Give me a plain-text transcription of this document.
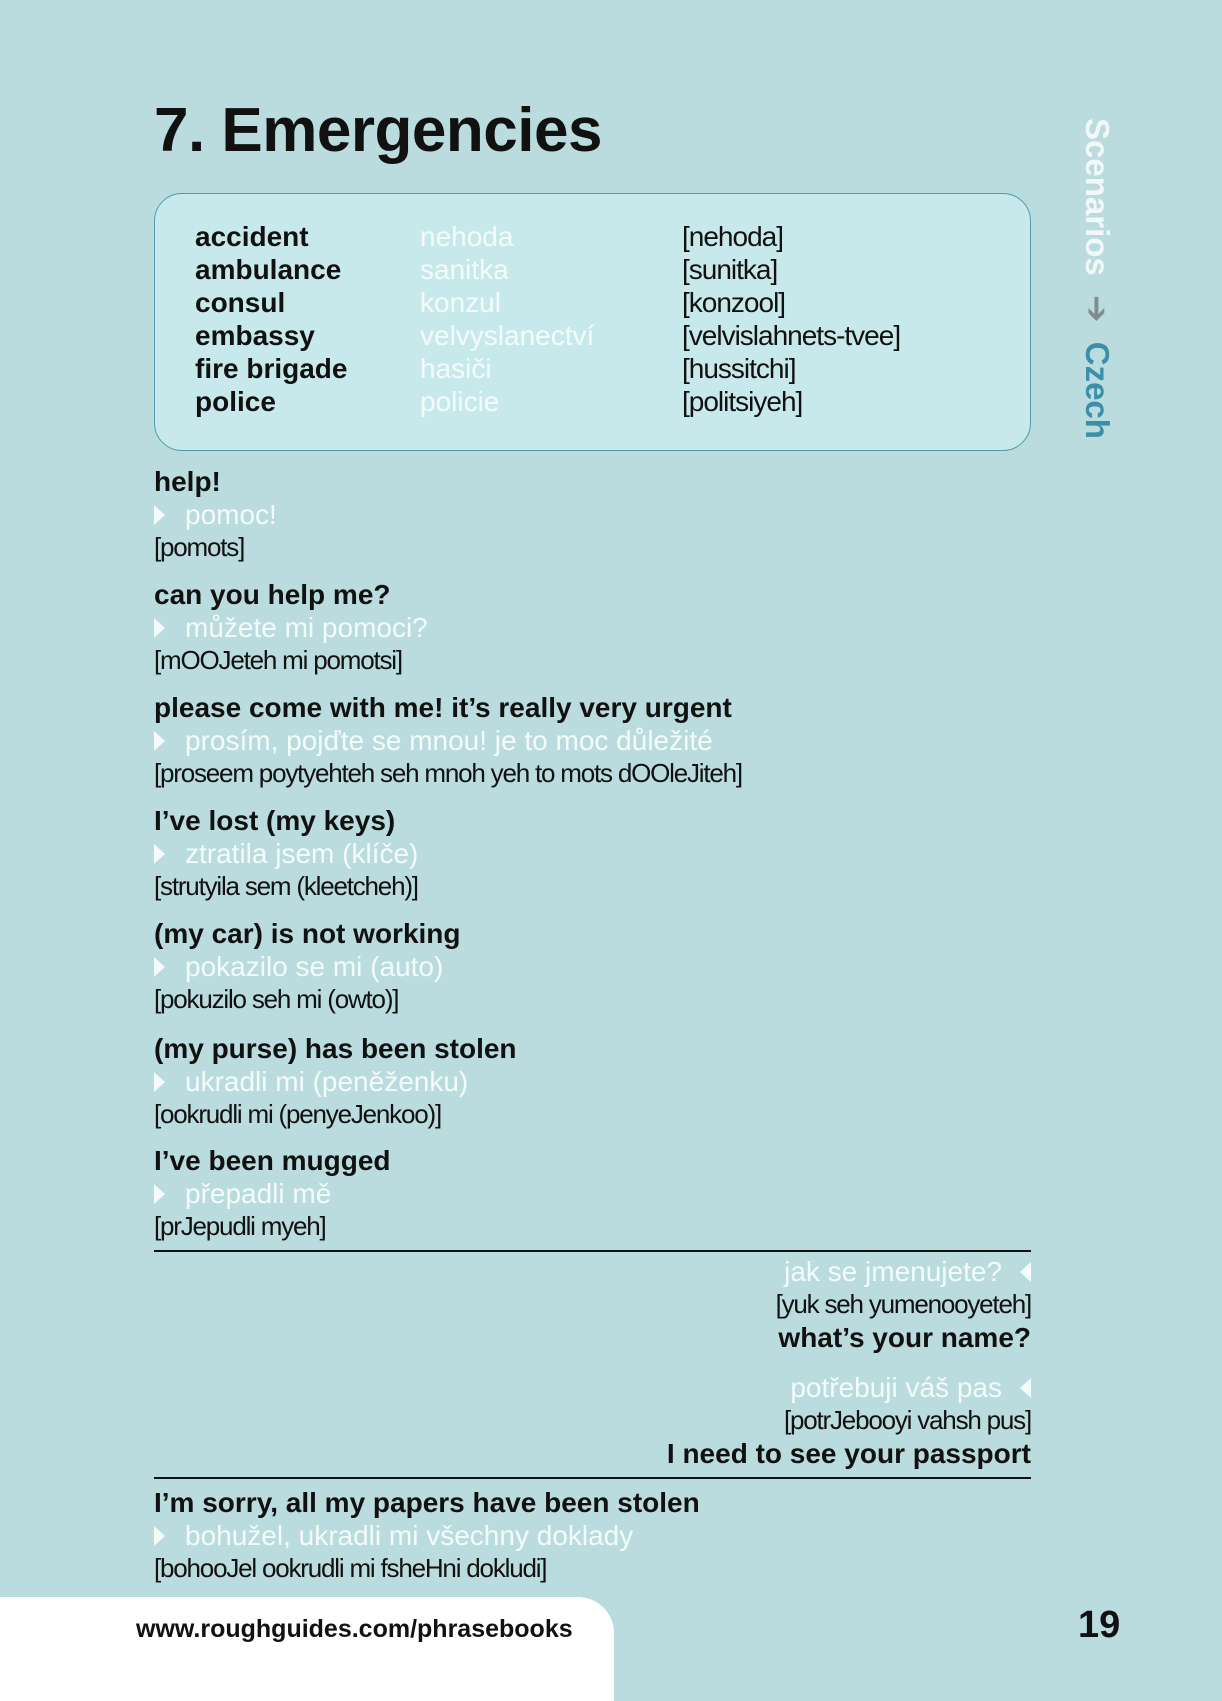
7. Emergencies	Scenarios ➔ Czech
accident	nehoda	[nehoda]
ambulance	sanitka	[sunitka]
consul	konzul	[konzool]
embassy	velvyslanectví	[velvislahnets-tvee]
fire brigade	hasiči	[hussitchi]
police	policie	[politsiyeh]
help!
pomoc!
[pomots]
can you help me?
můžete mi pomoci?
[mOOJeteh mi pomotsi]
please come with me! it’s really very urgent
prosím, pojďte se mnou! je to moc důležité
[proseem poytyehteh seh mnoh yeh to mots dOOleJiteh]
I’ve lost (my keys)
ztratila jsem (klíče)
[strutyila sem (kleetcheh)]
(my car) is not working
pokazilo se mi (auto)
[pokuzilo seh mi (owto)]
(my purse) has been stolen
ukradli mi (peněženku)
[ookrudli mi (penyeJenkoo)]
I’ve been mugged
přepadli mě
[prJepudli myeh]
jak se jmenujete?
[yuk seh yumenooyeteh]
what’s your name?
potřebuji váš pas
[potrJebooyi vahsh pus]
I need to see your passport
I’m sorry, all my papers have been stolen
bohužel, ukradli mi všechny doklady
[bohooJel ookrudli mi fsheHni dokludi]
www.roughguides.com/phrasebooks	19
